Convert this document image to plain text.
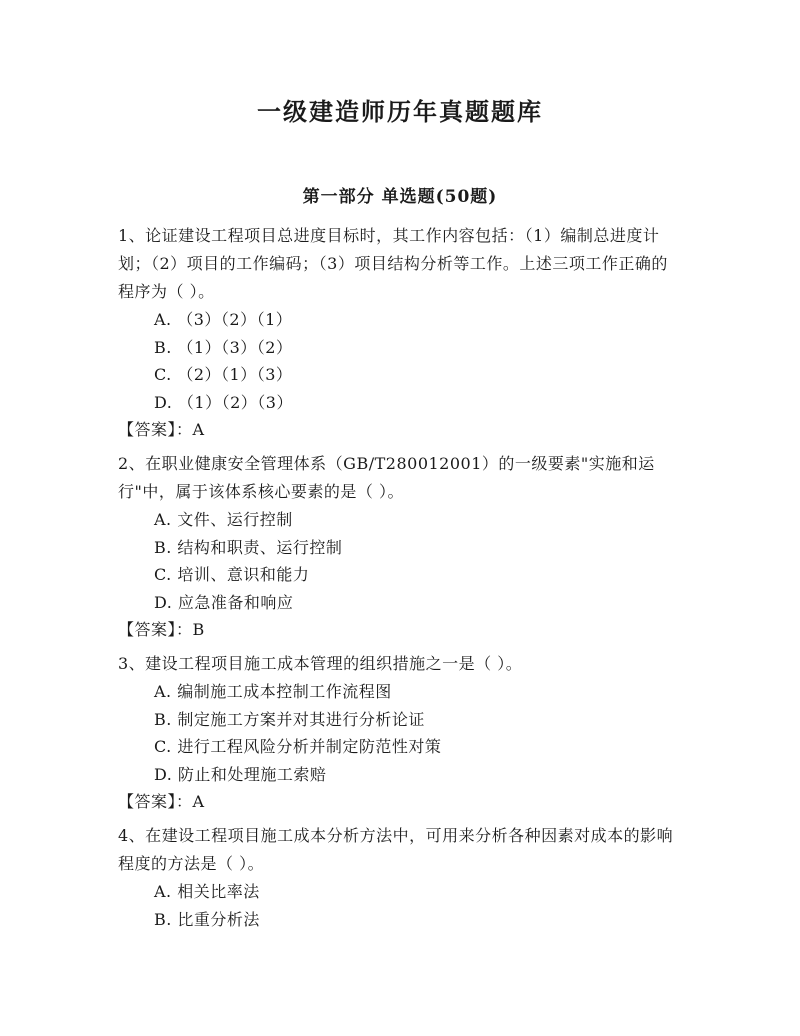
一级建造师历年真题题库
第一部分 单选题(50题)
1、论证建设工程项目总进度目标时，其工作内容包括：（1）编制总进度计划；（2）项目的工作编码；（3）项目结构分析等工作。上述三项工作正确的程序为（ ）。
A. （3）（2）（1）
B. （1）（3）（2）
C. （2）（1）（3）
D. （1）（2）（3）
【答案】：A
2、在职业健康安全管理体系（GB/T280012001）的一级要素"实施和运行"中，属于该体系核心要素的是（ ）。
A. 文件、运行控制
B. 结构和职责、运行控制
C. 培训、意识和能力
D. 应急准备和响应
【答案】：B
3、建设工程项目施工成本管理的组织措施之一是（ ）。
A. 编制施工成本控制工作流程图
B. 制定施工方案并对其进行分析论证
C. 进行工程风险分析并制定防范性对策
D. 防止和处理施工索赔
【答案】：A
4、在建设工程项目施工成本分析方法中，可用来分析各种因素对成本的影响程度的方法是（ ）。
A. 相关比率法
B. 比重分析法
